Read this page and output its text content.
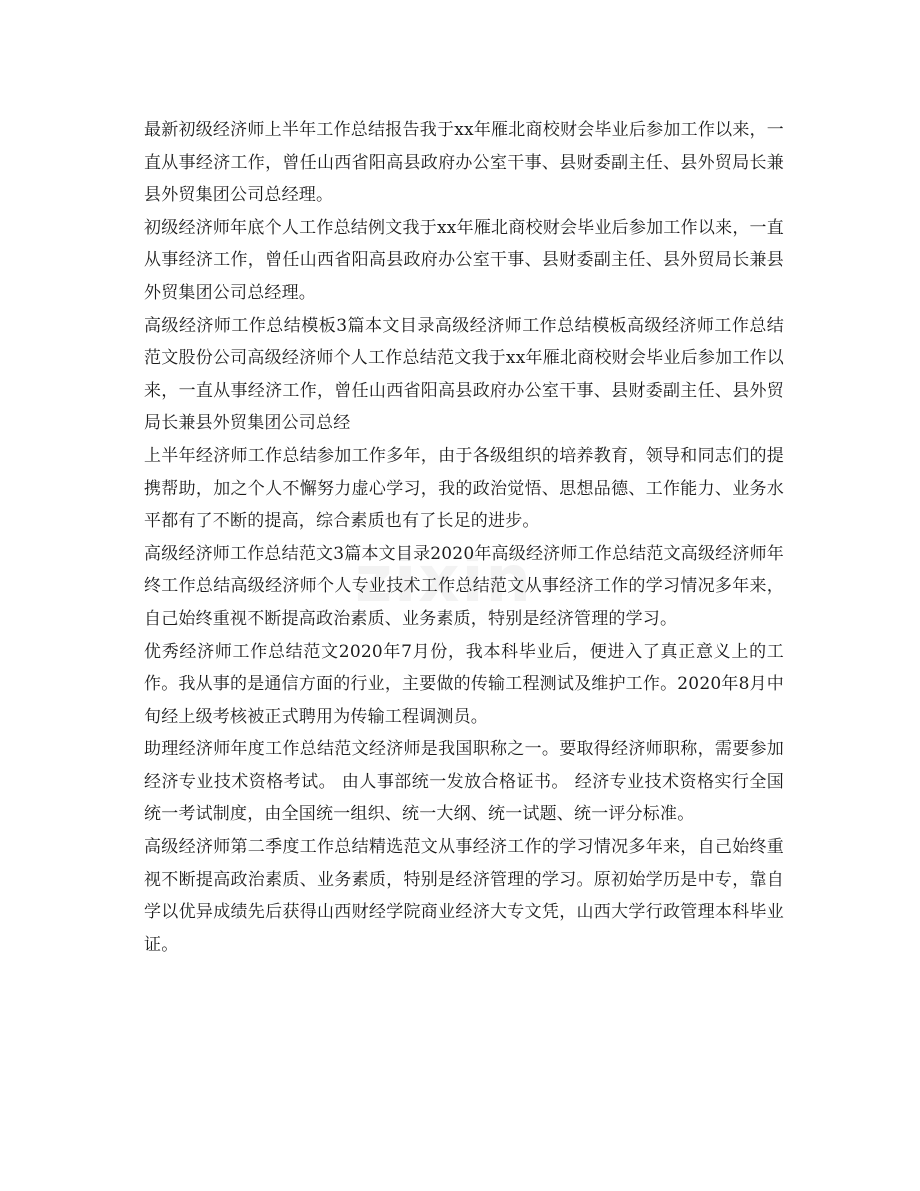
zixin

最新初级经济师上半年工作总结报告我于xx年雁北商校财会毕业后参加工作以来，一直从事经济工作，曾任山西省阳高县政府办公室干事、县财委副主任、县外贸局长兼县外贸集团公司总经理。

初级经济师年底个人工作总结例文我于xx年雁北商校财会毕业后参加工作以来，一直从事经济工作，曾任山西省阳高县政府办公室干事、县财委副主任、县外贸局长兼县外贸集团公司总经理。

高级经济师工作总结模板3篇本文目录高级经济师工作总结模板高级经济师工作总结范文股份公司高级经济师个人工作总结范文我于xx年雁北商校财会毕业后参加工作以来，一直从事经济工作，曾任山西省阳高县政府办公室干事、县财委副主任、县外贸局长兼县外贸集团公司总经

上半年经济师工作总结参加工作多年，由于各级组织的培养教育，领导和同志们的提携帮助，加之个人不懈努力虚心学习，我的政治觉悟、思想品德、工作能力、业务水平都有了不断的提高，综合素质也有了长足的进步。

高级经济师工作总结范文3篇本文目录2020年高级经济师工作总结范文高级经济师年终工作总结高级经济师个人专业技术工作总结范文从事经济工作的学习情况多年来，自己始终重视不断提高政治素质、业务素质，特别是经济管理的学习。

优秀经济师工作总结范文2020年7月份，我本科毕业后，便进入了真正意义上的工作。我从事的是通信方面的行业，主要做的传输工程测试及维护工作。2020年8月中旬经上级考核被正式聘用为传输工程调测员。

助理经济师年度工作总结范文经济师是我国职称之一。要取得经济师职称，需要参加经济专业技术资格考试。 由人事部统一发放合格证书。 经济专业技术资格实行全国统一考试制度，由全国统一组织、统一大纲、统一试题、统一评分标准。

高级经济师第二季度工作总结精选范文从事经济工作的学习情况多年来，自己始终重视不断提高政治素质、业务素质，特别是经济管理的学习。原初始学历是中专，靠自学以优异成绩先后获得山西财经学院商业经济大专文凭，山西大学行政管理本科毕业证。
